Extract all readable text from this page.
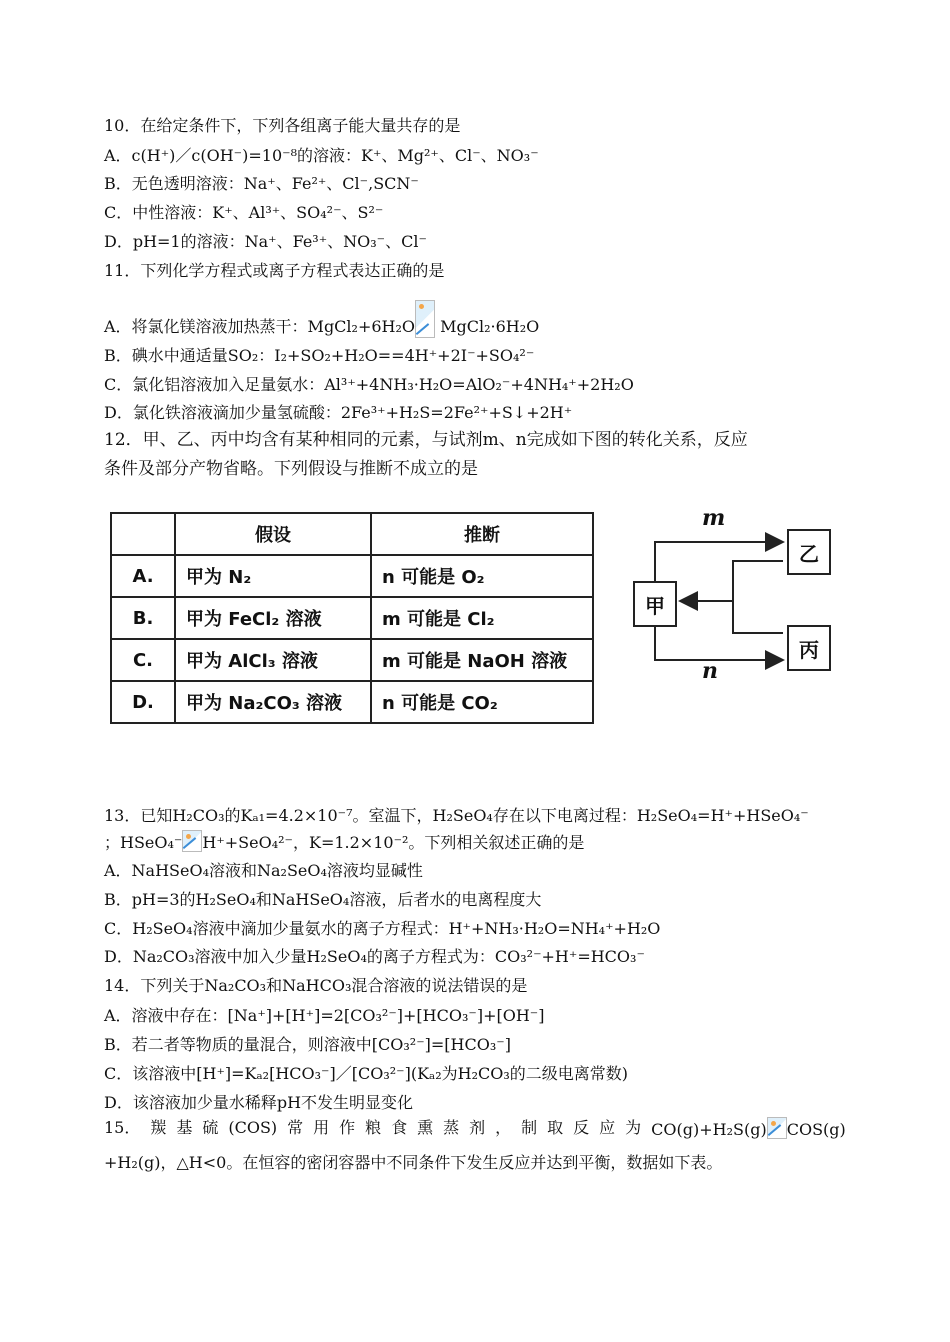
10．在给定条件下，下列各组离子能大量共存的是
A．c(H⁺)／c(OH⁻)=10⁻⁸的溶液：K⁺、Mg²⁺、Cl⁻、NO₃⁻
B．无色透明溶液：Na⁺、Fe²⁺、Cl⁻,SCN⁻
C．中性溶液：K⁺、Al³⁺、SO₄²⁻、S²⁻
D．pH=1的溶液：Na⁺、Fe³⁺、NO₃⁻、Cl⁻
11．下列化学方程式或离子方程式表达正确的是
A．将氯化镁溶液加热蒸干：MgCl₂+6H₂O MgCl₂·6H₂O
B．碘水中通适量SO₂：I₂+SO₂+H₂O==4H⁺+2I⁻+SO₄²⁻
C．氯化铝溶液加入足量氨水：Al³⁺+4NH₃·H₂O=AlO₂⁻+4NH₄⁺+2H₂O
D．氯化铁溶液滴加少量氢硫酸：2Fe³⁺+H₂S=2Fe²⁺+S↓+2H⁺
12．甲、乙、丙中均含有某种相同的元素，与试剂m、n完成如下图的转化关系，反应
条件及部分产物省略。下列假设与推断不成立的是
	假设	推断
A.	甲为 N₂	n 可能是 O₂
B.	甲为 FeCl₂ 溶液	m 可能是 Cl₂
C.	甲为 AlCl₃ 溶液	m 可能是 NaOH 溶液
D.	甲为 Na₂CO₃ 溶液	n 可能是 CO₂
甲
乙
丙
m
n
13．已知H₂CO₃的Kₐ₁=4.2×10⁻⁷。室温下，H₂SeO₄存在以下电离过程：H₂SeO₄=H⁺+HSeO₄⁻
；HSeO₄⁻ H⁺+SeO₄²⁻，K=1.2×10⁻²。下列相关叙述正确的是
A．NaHSeO₄溶液和Na₂SeO₄溶液均显碱性
B．pH=3的H₂SeO₄和NaHSeO₄溶液，后者水的电离程度大
C．H₂SeO₄溶液中滴加少量氨水的离子方程式：H⁺+NH₃·H₂O=NH₄⁺+H₂O
D．Na₂CO₃溶液中加入少量H₂SeO₄的离子方程式为：CO₃²⁻+H⁺=HCO₃⁻
14．下列关于Na₂CO₃和NaHCO₃混合溶液的说法错误的是
A．溶液中存在：[Na⁺]+[H⁺]=2[CO₃²⁻]+[HCO₃⁻]+[OH⁻]
B．若二者等物质的量混合，则溶液中[CO₃²⁻]=[HCO₃⁻]
C．该溶液中[H⁺]=Kₐ₂[HCO₃⁻]／[CO₃²⁻](Kₐ₂为H₂CO₃的二级电离常数)
D．该溶液加少量水稀释pH不发生明显变化
15． 羰 基 硫 (COS) 常 用 作 粮 食 熏 蒸 剂 ， 制 取 反 应 为 CO(g)+H₂S(g) COS(g)
+H₂(g)，△H<0。在恒容的密闭容器中不同条件下发生反应并达到平衡，数据如下表。
